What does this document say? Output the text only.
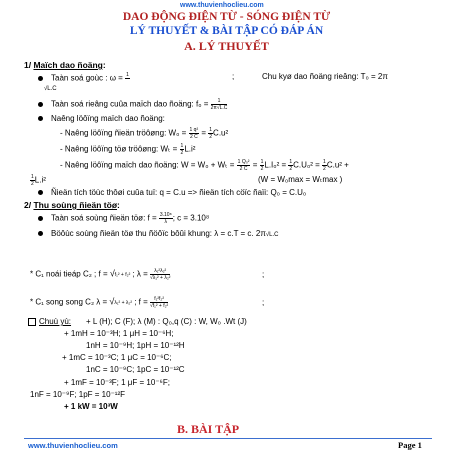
www.thuvienhoclieu.com
DAO ĐỘNG ĐIỆN TỪ - SÓNG ĐIỆN TỪ
LÝ THUYẾT & BÀI TẬP CÓ ĐÁP ÁN
A. LÝ THUYẾT
1/ Maïch dao ñoäng:
Taàn soá goùc : ω = 1
	;	Chu kyø dao ñoäng rieâng: T₀ = 2π
√L.C
Taàn soá rieâng cuûa maïch dao ñoäng: $f_0 = \frac{1}{2\pi√L.C}$
Naêng löôïng maïch dao ñoäng:
- Naêng löôïng ñieän tröôøng: $W_0 = \frac{\text{1 q²}}{2 C} = \frac{1}{2} C.u^2$
- Naêng löôïng töø tröôøng: $W_t = \frac{1}{2} L.i^2$
- Naêng löôïng maïch dao ñoäng: $W = W_0 + W_t = \frac{\text{1 Q₀²}}{2 C} = \frac{1}{2} L.I_0^2 = \frac{1}{2} C.U_0^2 = \frac{1}{2} C.u^2$ +
$\frac{1}{2} L.i^2$	(W = W₀max = Wₜmax )
Ñieän tích töùc thôøi cuûa tuï: q = C.u => ñieän tích cöïc ñaïi: Q₀ = C.U₀
2/ Thu soùng ñieän töø:
Taàn soá soùng ñieän töø: $f = \frac{\text{3.10⁸}}{\lambda}$ ; c = 3.10⁸
Böôùc soùng ñieän töø thu ñöôïc bôûi khung: λ = c.T = c. 2π√L.C
* C₁ noái tieáp C₂ ; f = √ f₁² + f₂² ; $\lambda = \frac{\text{λ₁²λ₂²}}{\text{√λ₁² + λ₂²}}$	;
* C₁ song song C₂ λ = √ λ₁² + λ₂² ; $f = \frac{\text{f₁²f₂²}}{\text{√f₁² + f₂²}}$	;
Chuù yù: + L (H); C (F); λ (M) : Q₀,q (C) : W, W₀ .Wt (J)
+ 1mH = 10⁻³H; 1 μH = 10⁻⁶H;
1nH = 10⁻⁹H; 1pH = 10⁻¹²H
+ 1mC = 10⁻³C; 1 μC = 10⁻⁶C;
1nC = 10⁻⁹C; 1pC = 10⁻¹²C
+ 1mF = 10⁻³F; 1 μF = 10⁻⁶F;
1nF = 10⁻⁹F; 1pF = 10⁻¹²F
+ 1 kW = 10³W
B. BÀI TẬP
www.thuvienhoclieu.com	Page 1
